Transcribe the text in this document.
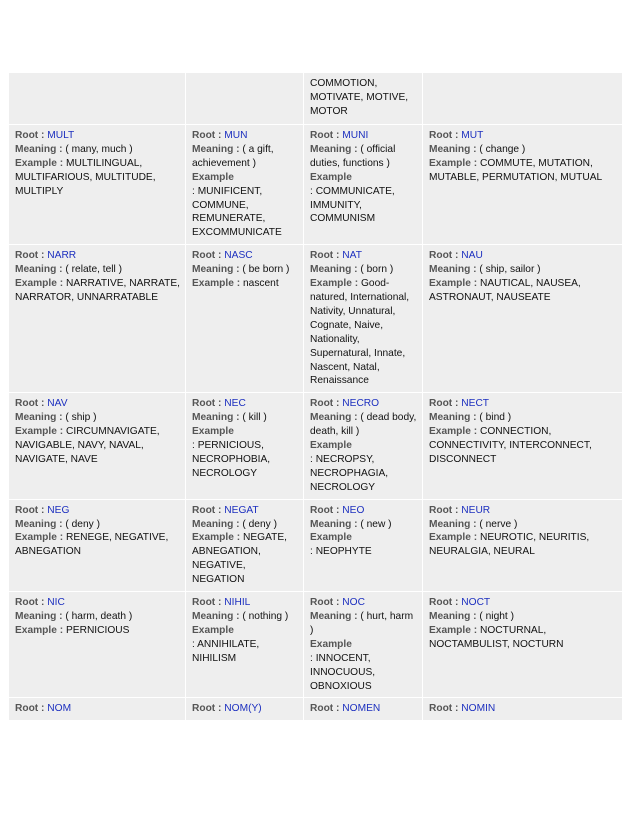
		COMMOTION, MOTIVATE, MOTIVE, MOTOR	

Root : MULT
Meaning : ( many, much )
Example : MULTILINGUAL, MULTIFARIOUS, MULTITUDE, MULTIPLY	Root : MUN
Meaning : ( a gift, achievement )
Example
: MUNIFICENT, COMMUNE, REMUNERATE, EXCOMMUNICATE	Root : MUNI
Meaning : ( official duties, functions )
Example
: COMMUNICATE, IMMUNITY, COMMUNISM	Root : MUT
Meaning : ( change )
Example : COMMUTE, MUTATION, MUTABLE, PERMUTATION, MUTUAL

Root : NARR
Meaning : ( relate, tell )
Example : NARRATIVE, NARRATE, NARRATOR, UNNARRATABLE	Root : NASC
Meaning : ( be born )
Example : nascent	Root : NAT
Meaning : ( born )
Example : Good-natured, International, Nativity, Unnatural, Cognate, Naive, Nationality, Supernatural, Innate, Nascent, Natal, Renaissance	Root : NAU
Meaning : ( ship, sailor )
Example : NAUTICAL, NAUSEA, ASTRONAUT, NAUSEATE

Root : NAV
Meaning : ( ship )
Example : CIRCUMNAVIGATE, NAVIGABLE, NAVY, NAVAL, NAVIGATE, NAVE	Root : NEC
Meaning : ( kill )
Example
: PERNICIOUS, NECROPHOBIA, NECROLOGY	Root : NECRO
Meaning : ( dead body, death, kill )
Example
: NECROPSY, NECROPHAGIA, NECROLOGY	Root : NECT
Meaning : ( bind )
Example : CONNECTION, CONNECTIVITY, INTERCONNECT, DISCONNECT

Root : NEG
Meaning : ( deny )
Example : RENEGE, NEGATIVE, ABNEGATION	Root : NEGAT
Meaning : ( deny )
Example : NEGATE, ABNEGATION, NEGATIVE, NEGATION	Root : NEO
Meaning : ( new )
Example
: NEOPHYTE	Root : NEUR
Meaning : ( nerve )
Example : NEUROTIC, NEURITIS, NEURALGIA, NEURAL

Root : NIC
Meaning : ( harm, death )
Example : PERNICIOUS	Root : NIHIL
Meaning : ( nothing )
Example
: ANNIHILATE, NIHILISM	Root : NOC
Meaning : ( hurt, harm )
Example
: INNOCENT, INNOCUOUS, OBNOXIOUS	Root : NOCT
Meaning : ( night )
Example : NOCTURNAL, NOCTAMBULIST, NOCTURN

Root : NOM	Root : NOM(Y)	Root : NOMEN	Root : NOMIN
